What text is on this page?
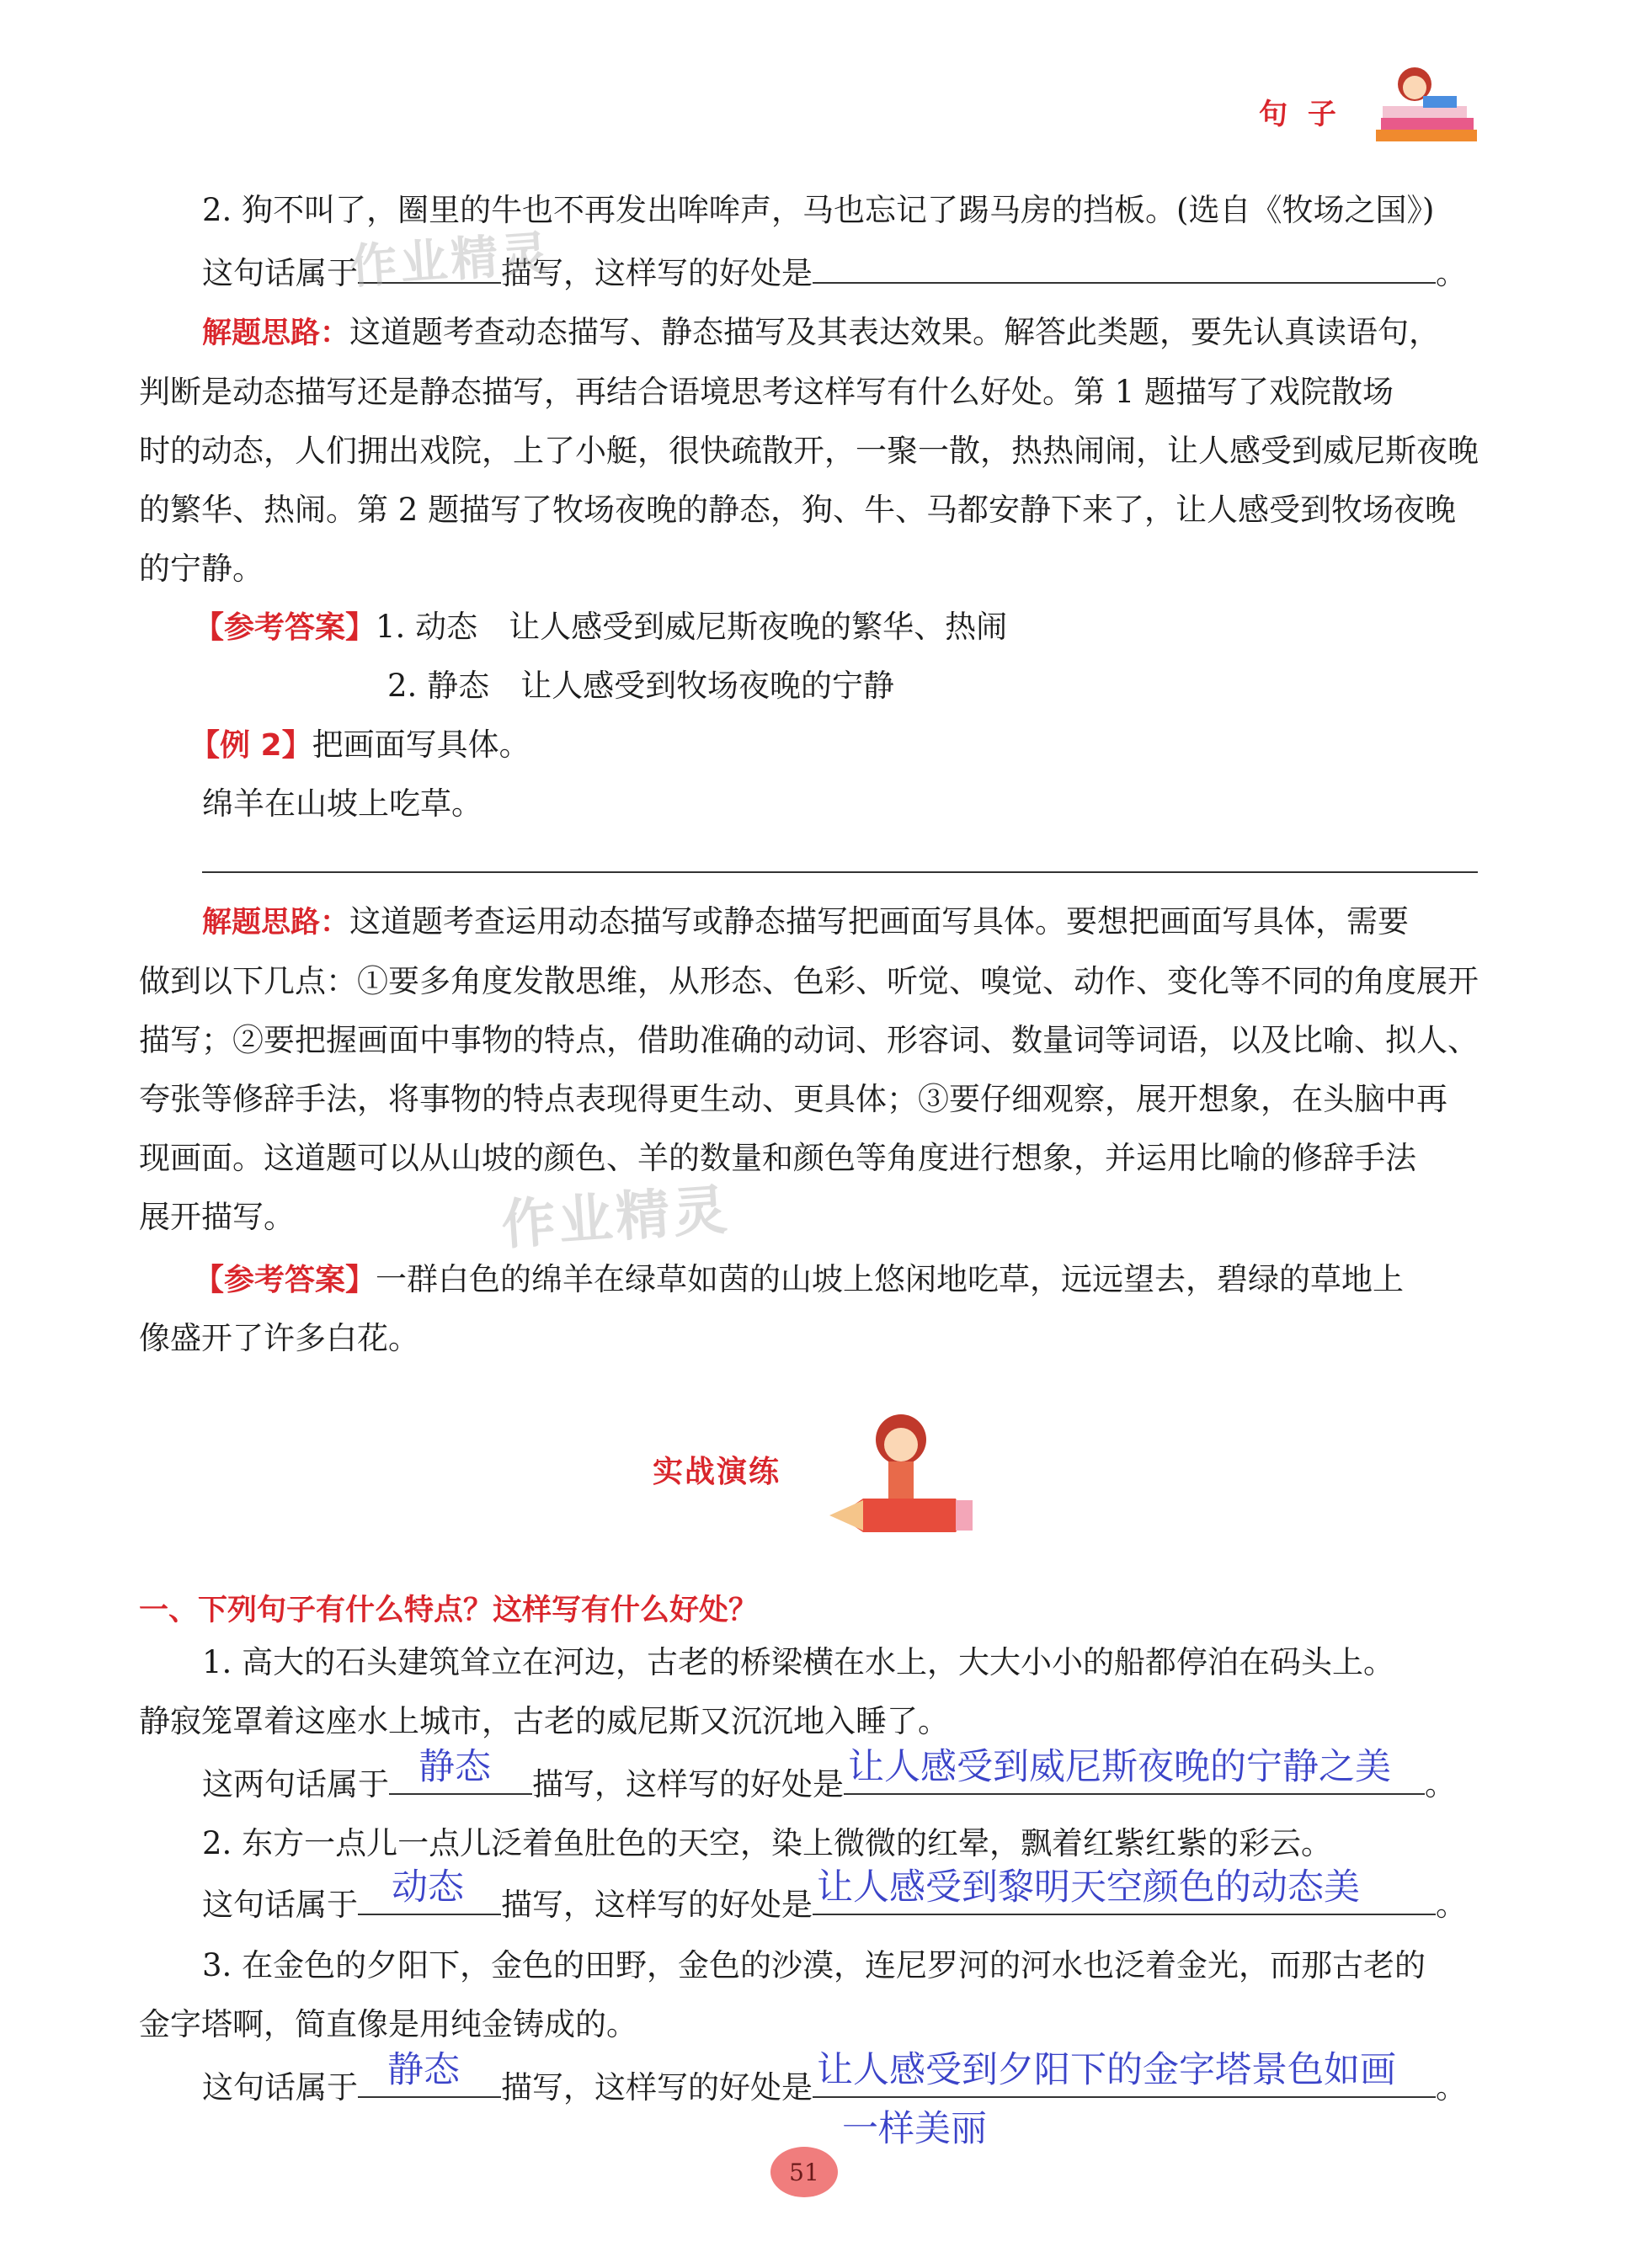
句 子
2. 狗不叫了，圈里的牛也不再发出哞哞声，马也忘记了踢马房的挡板。(选自《牧场之国》)
这句话属于	描写，这样写的好处是	。
解题思路：这道题考查动态描写、静态描写及其表达效果。解答此类题，要先认真读语句，
判断是动态描写还是静态描写，再结合语境思考这样写有什么好处。第 1 题描写了戏院散场
时的动态，人们拥出戏院，上了小艇，很快疏散开，一聚一散，热热闹闹，让人感受到威尼斯夜晚
的繁华、热闹。第 2 题描写了牧场夜晚的静态，狗、牛、马都安静下来了，让人感受到牧场夜晚
的宁静。
【参考答案】1. 动态　让人感受到威尼斯夜晚的繁华、热闹
2. 静态　让人感受到牧场夜晚的宁静
【例 2】把画面写具体。
绵羊在山坡上吃草。
解题思路：这道题考查运用动态描写或静态描写把画面写具体。要想把画面写具体，需要
做到以下几点：①要多角度发散思维，从形态、色彩、听觉、嗅觉、动作、变化等不同的角度展开
描写；②要把握画面中事物的特点，借助准确的动词、形容词、数量词等词语，以及比喻、拟人、
夸张等修辞手法，将事物的特点表现得更生动、更具体；③要仔细观察，展开想象，在头脑中再
现画面。这道题可以从山坡的颜色、羊的数量和颜色等角度进行想象，并运用比喻的修辞手法
展开描写。
作业精灵
作业精灵
【参考答案】一群白色的绵羊在绿草如茵的山坡上悠闲地吃草，远远望去，碧绿的草地上
像盛开了许多白花。
实战演练
一、下列句子有什么特点？这样写有什么好处？
1. 高大的石头建筑耸立在河边，古老的桥梁横在水上，大大小小的船都停泊在码头上。
静寂笼罩着这座水上城市，古老的威尼斯又沉沉地入睡了。
这两句话属于 静态 描写，这样写的好处是 让人感受到威尼斯夜晚的宁静之美 。
2. 东方一点儿一点儿泛着鱼肚色的天空，染上微微的红晕，飘着红紫红紫的彩云。
这句话属于 动态 描写，这样写的好处是 让人感受到黎明天空颜色的动态美 。
3. 在金色的夕阳下，金色的田野，金色的沙漠，连尼罗河的河水也泛着金光，而那古老的
金字塔啊，简直像是用纯金铸成的。
这句话属于 静态 描写，这样写的好处是 让人感受到夕阳下的金字塔景色如画 。
一样美丽
51
